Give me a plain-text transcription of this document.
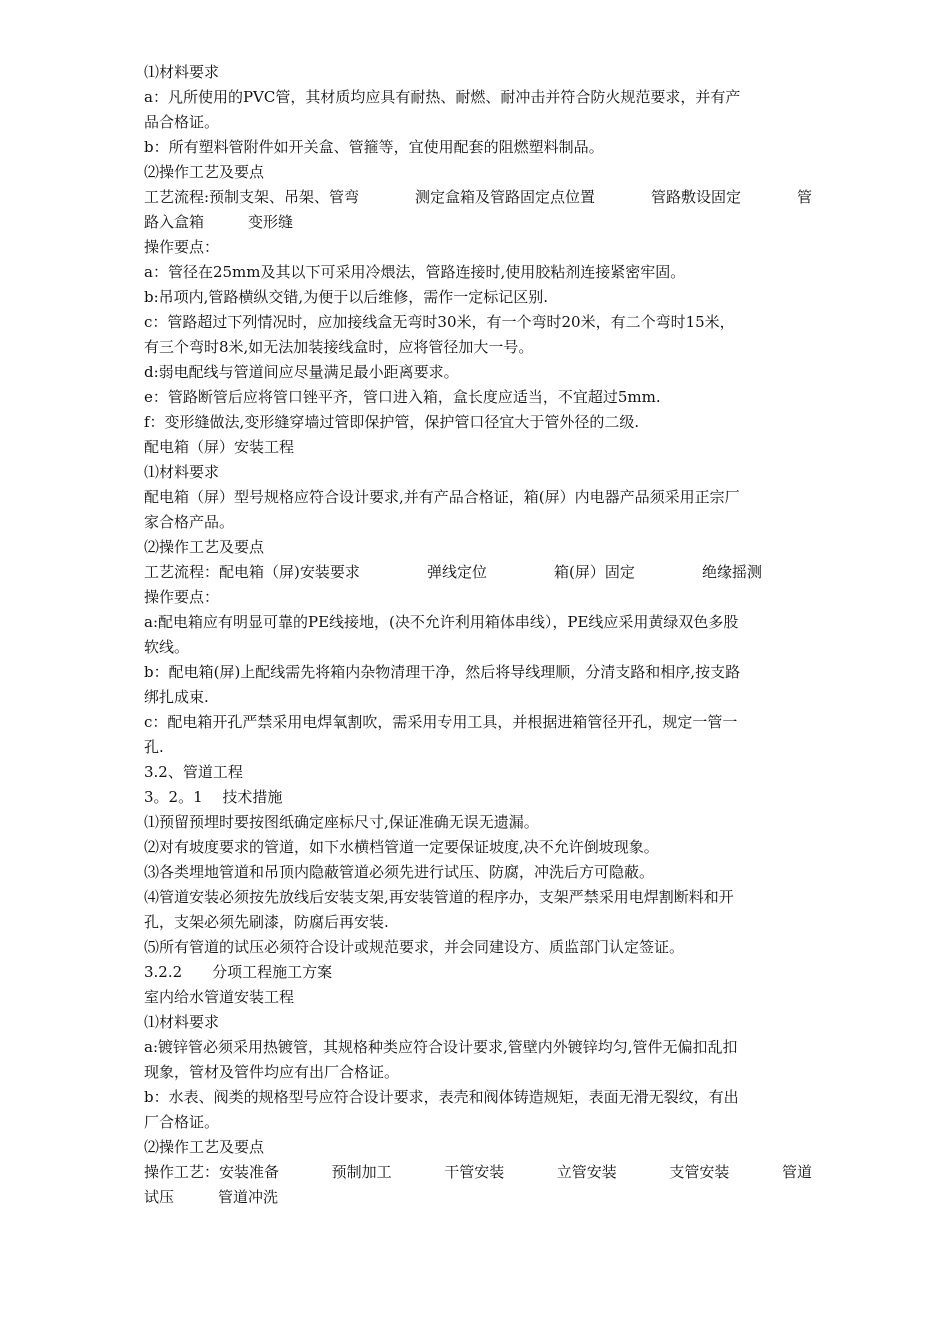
⑴材料要求
a：凡所使用的PVC管，其材质均应具有耐热、耐燃、耐冲击并符合防火规范要求，并有产
品合格证。
b：所有塑料管附件如开关盒、管箍等，宜使用配套的阻燃塑料制品。
⑵操作工艺及要点
工艺流程:预制支架、吊架、管弯	测定盒箱及管路固定点位置	管路敷设固定	管
路入盒箱	变形缝
操作要点：
a：管径在25mm及其以下可采用冷煨法，管路连接时,使用胶粘剂连接紧密牢固。
b:吊项内,管路横纵交错,为便于以后维修，需作一定标记区别.
c：管路超过下列情况时，应加接线盒无弯时30米，有一个弯时20米，有二个弯时15米，
有三个弯时8米,如无法加装接线盒时，应将管径加大一号。
d:弱电配线与管道间应尽量满足最小距离要求。
e：管路断管后应将管口锉平齐，管口进入箱，盒长度应适当，不宜超过5mm.
f：变形缝做法,变形缝穿墙过管即保护管，保护管口径宜大于管外径的二级.
配电箱（屏）安装工程
⑴材料要求
配电箱（屏）型号规格应符合设计要求,并有产品合格证，箱(屏）内电器产品须采用正宗厂
家合格产品。
⑵操作工艺及要点
工艺流程：配电箱（屏)安装要求	弹线定位	箱(屏）固定	绝缘摇测
操作要点：
a:配电箱应有明显可靠的PE线接地，(决不允许利用箱体串线），PE线应采用黄绿双色多股
软线。
b：配电箱(屏)上配线需先将箱内杂物清理干净，然后将导线理顺，分清支路和相序,按支路
绑扎成束.
c：配电箱开孔严禁采用电焊氧割吹，需采用专用工具，并根据进箱管径开孔，规定一管一
孔.
3.2、管道工程
3。2。1　 技术措施
⑴预留预埋时要按图纸确定座标尺寸,保证准确无误无遗漏。
⑵对有坡度要求的管道，如下水横档管道一定要保证坡度,决不允许倒坡现象。
⑶各类埋地管道和吊顶内隐蔽管道必须先进行试压、防腐，冲洗后方可隐蔽。
⑷管道安装必须按先放线后安装支架,再安装管道的程序办，支架严禁采用电焊割断料和开
孔，支架必须先刷漆，防腐后再安装.
⑸所有管道的试压必须符合设计或规范要求，并会同建设方、质监部门认定签证。
3.2.2　　分项工程施工方案
室内给水管道安装工程
⑴材料要求
a:镀锌管必须采用热镀管，其规格种类应符合设计要求,管壁内外镀锌均匀,管件无偏扣乱扣
现象，管材及管件均应有出厂合格证。
b：水表、阀类的规格型号应符合设计要求，表壳和阀体铸造规矩，表面无滑无裂纹，有出
厂合格证。
⑵操作工艺及要点
操作工艺：安装准备	预制加工	干管安装	立管安装	支管安装	管道
试压	管道冲洗
